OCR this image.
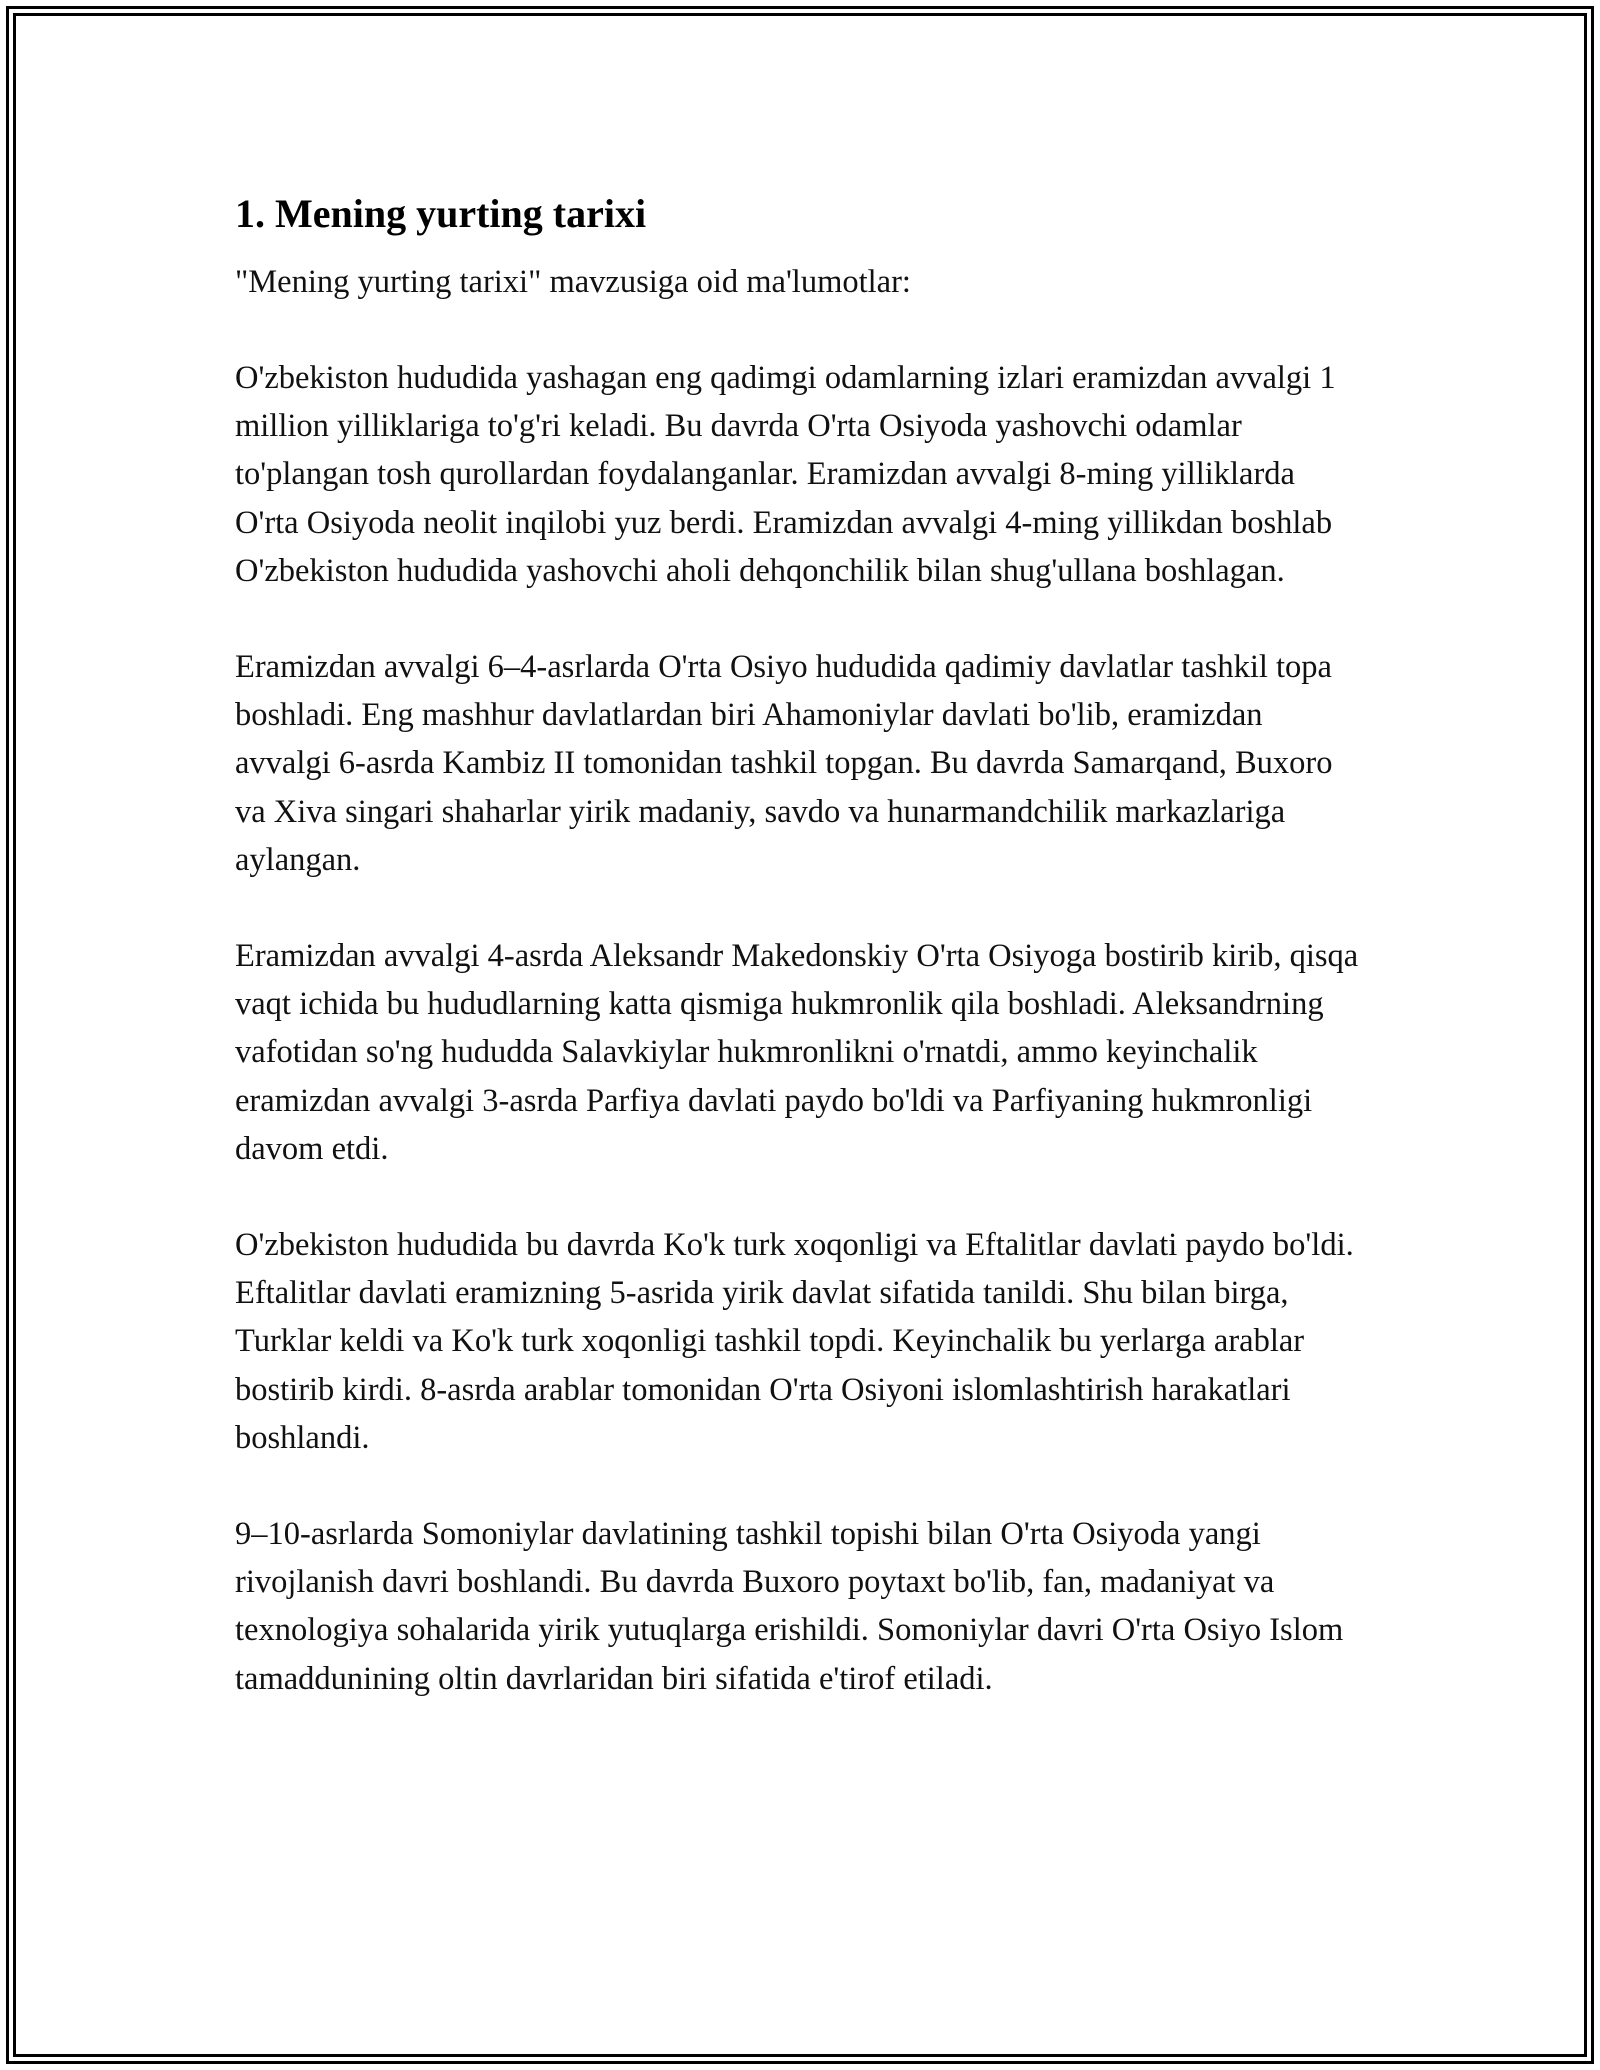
1. Mening yurting tarixi

"Mening yurting tarixi" mavzusiga oid ma'lumotlar:

O'zbekiston hududida yashagan eng qadimgi odamlarning izlari eramizdan avvalgi 1 million yilliklariga to'g'ri keladi. Bu davrda O'rta Osiyoda yashovchi odamlar to'plangan tosh qurollardan foydalanganlar. Eramizdan avvalgi 8-ming yilliklarda O'rta Osiyoda neolit inqilobi yuz berdi. Eramizdan avvalgi 4-ming yillikdan boshlab O'zbekiston hududida yashovchi aholi dehqonchilik bilan shug'ullana boshlagan.

Eramizdan avvalgi 6–4-asrlarda O'rta Osiyo hududida qadimiy davlatlar tashkil topa boshladi. Eng mashhur davlatlardan biri Ahamoniylar davlati bo'lib, eramizdan avvalgi 6-asrda Kambiz II tomonidan tashkil topgan. Bu davrda Samarqand, Buxoro va Xiva singari shaharlar yirik madaniy, savdo va hunarmandchilik markazlariga aylangan.

Eramizdan avvalgi 4-asrda Aleksandr Makedonskiy O'rta Osiyoga bostirib kirib, qisqa vaqt ichida bu hududlarning katta qismiga hukmronlik qila boshladi. Aleksandrning vafotidan so'ng hududda Salavkiylar hukmronlikni o'rnatdi, ammo keyinchalik eramizdan avvalgi 3-asrda Parfiya davlati paydo bo'ldi va Parfiyaning hukmronligi davom etdi.

O'zbekiston hududida bu davrda Ko'k turk xoqonligi va Eftalitlar davlati paydo bo'ldi. Eftalitlar davlati eramizning 5-asrida yirik davlat sifatida tanildi. Shu bilan birga, Turklar keldi va Ko'k turk xoqonligi tashkil topdi. Keyinchalik bu yerlarga arablar bostirib kirdi. 8-asrda arablar tomonidan O'rta Osiyoni islomlashtirish harakatlari boshlandi.

9–10-asrlarda Somoniylar davlatining tashkil topishi bilan O'rta Osiyoda yangi rivojlanish davri boshlandi. Bu davrda Buxoro poytaxt bo'lib, fan, madaniyat va texnologiya sohalarida yirik yutuqlarga erishildi. Somoniylar davri O'rta Osiyo Islom tamaddunining oltin davrlaridan biri sifatida e'tirof etiladi.
